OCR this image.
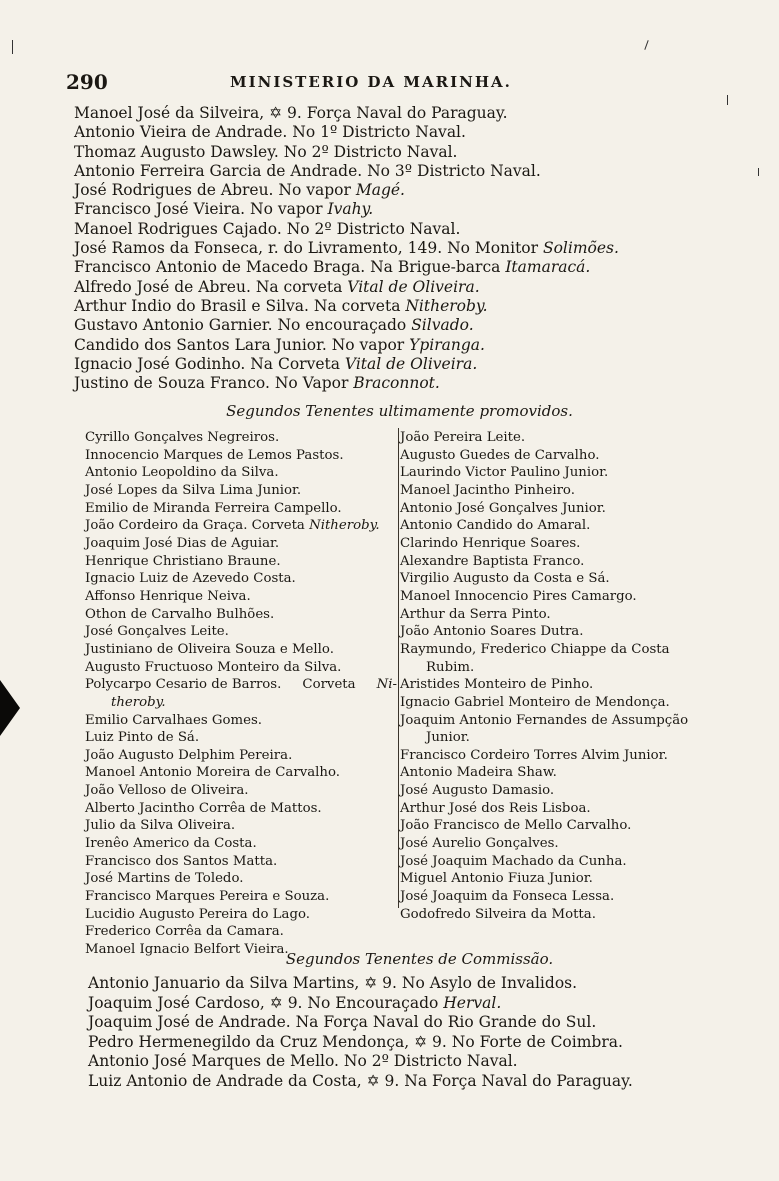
290	MINISTERIO DA MARINHA.
Manoel José da Silveira, ✡ 9. Força Naval do Paraguay.
Antonio Vieira de Andrade. No 1º Districto Naval.
Thomaz Augusto Dawsley. No 2º Districto Naval.
Antonio Ferreira Garcia de Andrade. No 3º Districto Naval.
José Rodrigues de Abreu. No vapor Magé.
Francisco José Vieira. No vapor Ivahy.
Manoel Rodrigues Cajado. No 2º Districto Naval.
José Ramos da Fonseca, r. do Livramento, 149. No Monitor Solimões.
Francisco Antonio de Macedo Braga. Na Brigue-barca Itamaracá.
Alfredo José de Abreu. Na corveta Vital de Oliveira.
Arthur Indio do Brasil e Silva. Na corveta Nitheroby.
Gustavo Antonio Garnier. No encouraçado Silvado.
Candido dos Santos Lara Junior. No vapor Ypiranga.
Ignacio José Godinho. Na Corveta Vital de Oliveira.
Justino de Souza Franco. No Vapor Braconnot.
Segundos Tenentes ultimamente promovidos.
Cyrillo Gonçalves Negreiros.
Innocencio Marques de Lemos Pastos.
Antonio Leopoldino da Silva.
José Lopes da Silva Lima Junior.
Emilio de Miranda Ferreira Campello.
João Cordeiro da Graça. Corveta Nitheroby.
Joaquim José Dias de Aguiar.
Henrique Christiano Braune.
Ignacio Luiz de Azevedo Costa.
Affonso Henrique Neiva.
Othon de Carvalho Bulhões.
José Gonçalves Leite.
Justiniano de Oliveira Souza e Mello.
Augusto Fructuoso Monteiro da Silva.
Polycarpo Cesario de Barros. Corveta Ni-
theroby.
Emilio Carvalhaes Gomes.
Luiz Pinto de Sá.
João Augusto Delphim Pereira.
Manoel Antonio Moreira de Carvalho.
João Velloso de Oliveira.
Alberto Jacintho Corrêa de Mattos.
Julio da Silva Oliveira.
Irenêo Americo da Costa.
Francisco dos Santos Matta.
José Martins de Toledo.
Francisco Marques Pereira e Souza.
Lucidio Augusto Pereira do Lago.
Frederico Corrêa da Camara.
Manoel Ignacio Belfort Vieira.
João Pereira Leite.
Augusto Guedes de Carvalho.
Laurindo Victor Paulino Junior.
Manoel Jacintho Pinheiro.
Antonio José Gonçalves Junior.
Antonio Candido do Amaral.
Clarindo Henrique Soares.
Alexandre Baptista Franco.
Virgilio Augusto da Costa e Sá.
Manoel Innocencio Pires Camargo.
Arthur da Serra Pinto.
João Antonio Soares Dutra.
Raymundo, Frederico Chiappe da Costa
Rubim.
Aristides Monteiro de Pinho.
Ignacio Gabriel Monteiro de Mendonça.
Joaquim Antonio Fernandes de Assumpção
Junior.
Francisco Cordeiro Torres Alvim Junior.
Antonio Madeira Shaw.
José Augusto Damasio.
Arthur José dos Reis Lisboa.
João Francisco de Mello Carvalho.
José Aurelio Gonçalves.
José Joaquim Machado da Cunha.
Miguel Antonio Fiuza Junior.
José Joaquim da Fonseca Lessa.
Godofredo Silveira da Motta.
Segundos Tenentes de Commissão.
Antonio Januario da Silva Martins, ✡ 9. No Asylo de Invalidos.
Joaquim José Cardoso, ✡ 9. No Encouraçado Herval.
Joaquim José de Andrade. Na Força Naval do Rio Grande do Sul.
Pedro Hermenegildo da Cruz Mendonça, ✡ 9. No Forte de Coimbra.
Antonio José Marques de Mello. No 2º Districto Naval.
Luiz Antonio de Andrade da Costa, ✡ 9. Na Força Naval do Paraguay.
